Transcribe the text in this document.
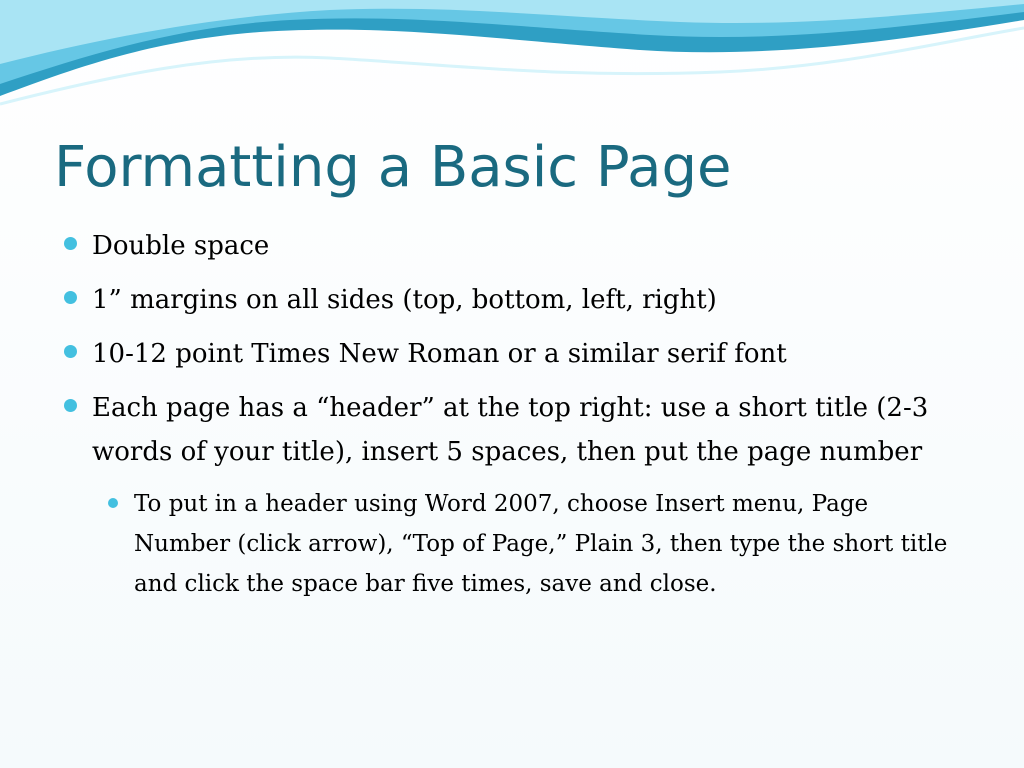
Formatting a Basic Page
Double space
1” margins on all sides (top, bottom, left, right)
10-12 point Times New Roman or a similar serif font
Each page has a “header” at the top right: use a short title (2-3 words of your title), insert 5 spaces, then put the page number
To put in a header using Word 2007, choose Insert menu, Page Number (click arrow), “Top of Page,” Plain 3, then type the short title and click the space bar five times, save and close.
